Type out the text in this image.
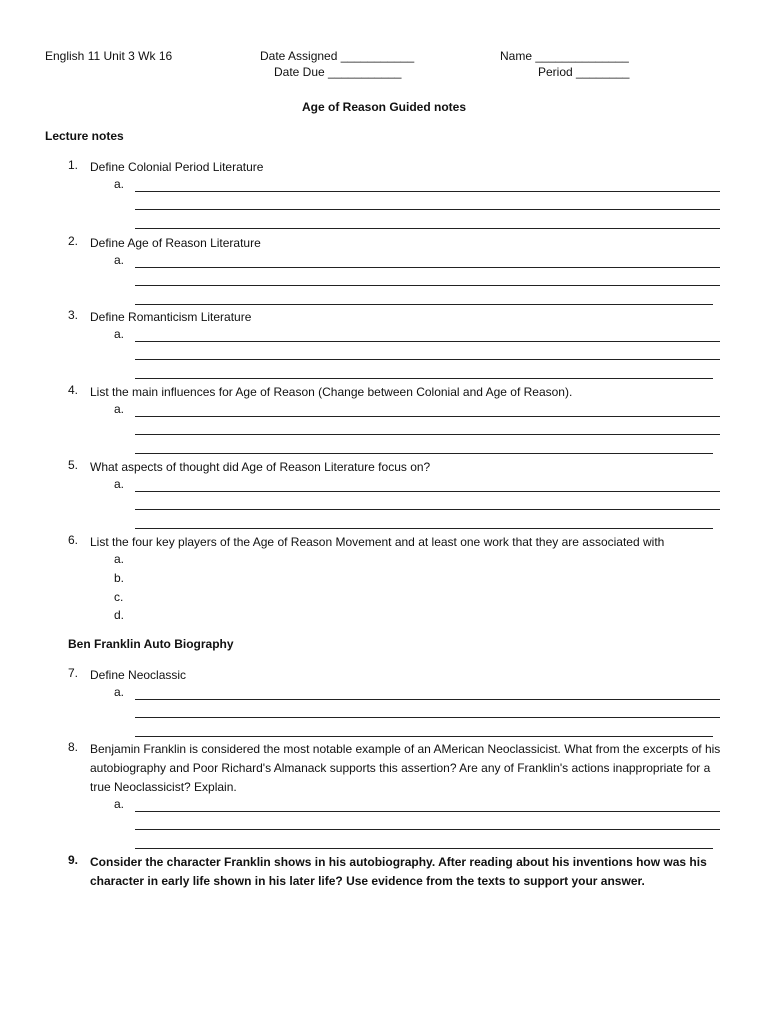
English 11 Unit 3 Wk 16	Date Assigned ___________
Date Due ___________
Name ______________
Period ________
Age of Reason Guided notes
Lecture notes
1. Define Colonial Period Literature
a.
2. Define Age of Reason Literature
a.
3. Define Romanticism Literature
a.
4. List the main influences for Age of Reason (Change between Colonial and Age of Reason).
a.
5. What aspects of thought did Age of Reason Literature focus on?
a.
6. List the four key players of the Age of Reason Movement and at least one work that they are associated with
a.
b.
c.
d.
Ben Franklin Auto Biography
7. Define Neoclassic
a.
8. Benjamin Franklin is considered the most notable example of an AMerican Neoclassicist. What from the excerpts of his autobiography and Poor Richard's Almanack supports this assertion? Are any of Franklin's actions inappropriate for a true Neoclassicist? Explain.
a.
9. Consider the character Franklin shows in his autobiography. After reading about his inventions how was his character in early life shown in his later life? Use evidence from the texts to support your answer.
